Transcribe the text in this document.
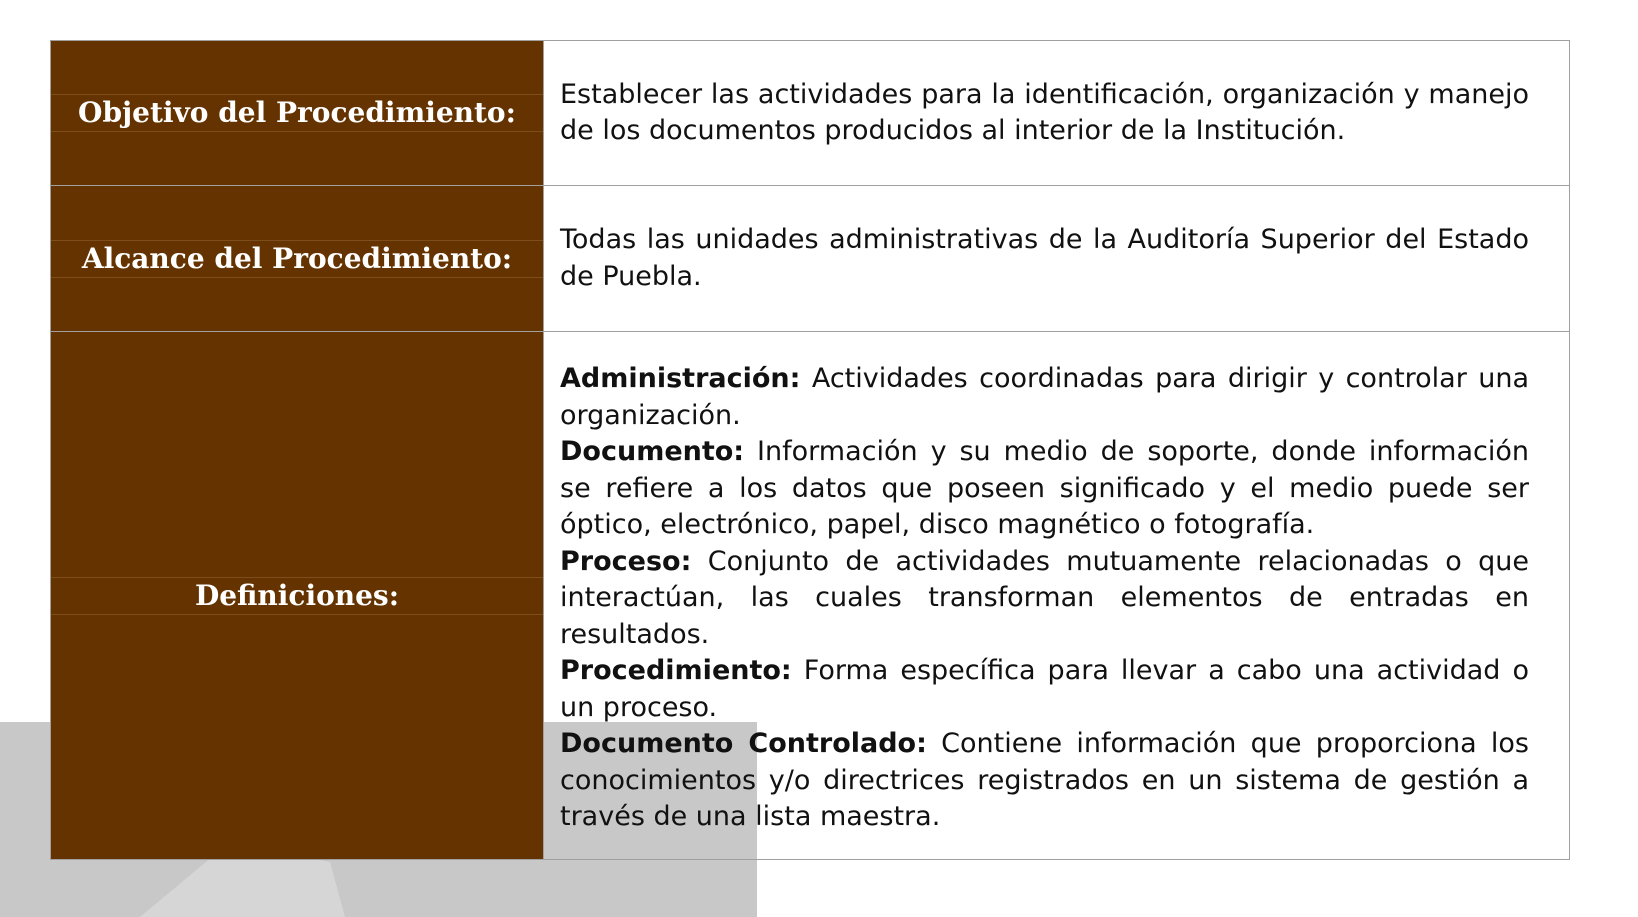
Objetivo del Procedimiento:	Establecer las actividades para la identificación, organización y manejo de los documentos producidos al interior de la Institución.

Alcance del Procedimiento:	Todas las unidades administrativas de la Auditoría Superior del Estado de Puebla.

Definiciones:	Administración: Actividades coordinadas para dirigir y controlar una organización.

Documento: Información y su medio de soporte, donde información se refiere a los datos que poseen significado y el medio puede ser óptico, electrónico, papel, disco magnético o fotografía.

Proceso: Conjunto de actividades mutuamente relacionadas o que interactúan, las cuales transforman elementos de entradas en resultados.

Procedimiento: Forma específica para llevar a cabo una actividad o un proceso.

Documento Controlado: Contiene información que proporciona los conocimientos y/o directrices registrados en un sistema de gestión a través de una lista maestra.
